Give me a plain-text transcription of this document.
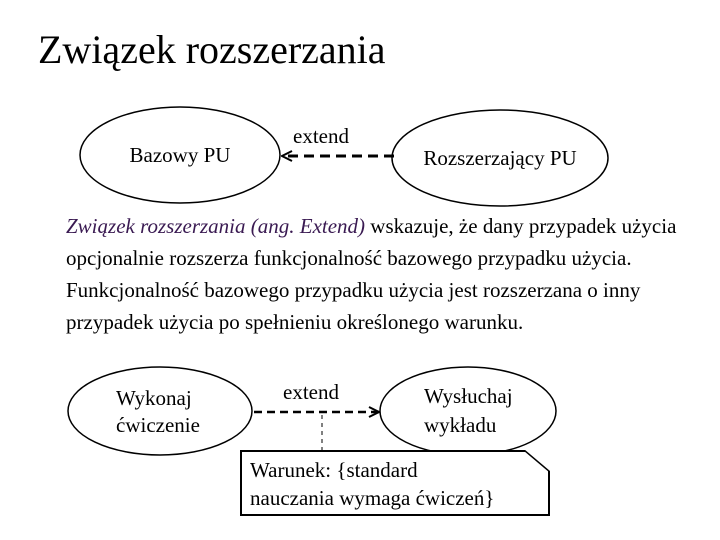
Związek rozszerzania
Bazowy PU	Rozszerzający PU
extend
Wykonaj
ćwiczenie
Wysłuchaj
wykładu
extend
Związek rozszerzania (ang. Extend) wskazuje, że dany przypadek użycia opcjonalnie rozszerza funkcjonalność bazowego przypadku użycia. Funkcjonalność bazowego przypadku użycia jest rozszerzana o inny przypadek użycia po spełnieniu określonego warunku.
Warunek: {standard
nauczania wymaga ćwiczeń}
